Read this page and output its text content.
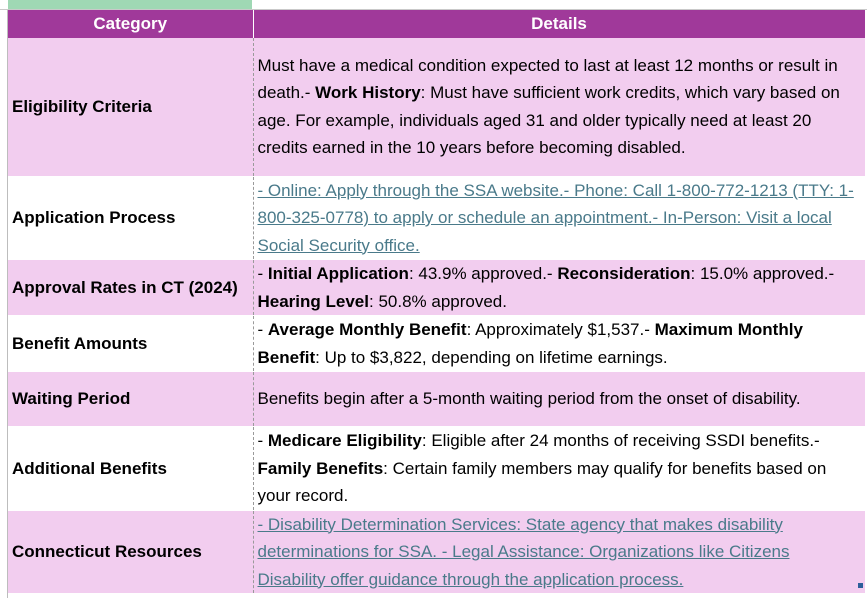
Category	Details
Eligibility Criteria	Must have a medical condition expected to last at least 12 months or result in death.- Work History: Must have sufficient work credits, which vary based on age. For example, individuals aged 31 and older typically need at least 20 credits earned in the 10 years before becoming disabled.
Application Process	- Online: Apply through the SSA website.- Phone: Call 1-800-772-1213 (TTY: 1-800-325-0778) to apply or schedule an appointment.- In-Person: Visit a local Social Security office.
Approval Rates in CT (2024)	- Initial Application: 43.9% approved.- Reconsideration: 15.0% approved.- Hearing Level: 50.8% approved.
Benefit Amounts	- Average Monthly Benefit: Approximately $1,537.- Maximum Monthly Benefit: Up to $3,822, depending on lifetime earnings.
Waiting Period	Benefits begin after a 5-month waiting period from the onset of disability.
Additional Benefits	- Medicare Eligibility: Eligible after 24 months of receiving SSDI benefits.- Family Benefits: Certain family members may qualify for benefits based on your record.
Connecticut Resources	- Disability Determination Services: State agency that makes disability determinations for SSA. - Legal Assistance: Organizations like Citizens Disability offer guidance through the application process.
